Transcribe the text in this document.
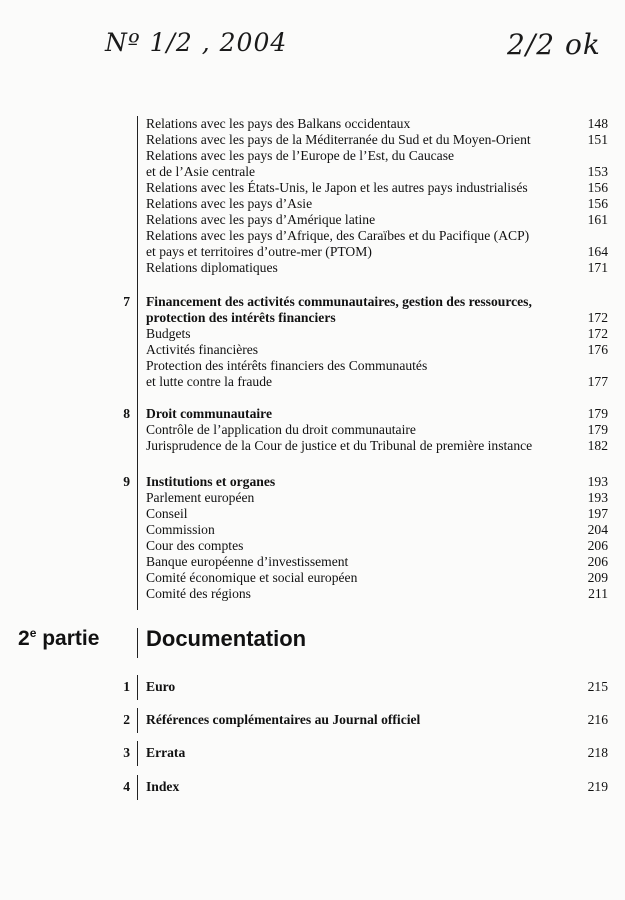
Nº 1/2 , 2004	2/2 ok
Relations avec les pays des Balkans occidentaux	148
Relations avec les pays de la Méditerranée du Sud et du Moyen-Orient	151
Relations avec les pays de l’Europe de l’Est, du Caucase
et de l’Asie centrale	153
Relations avec les États-Unis, le Japon et les autres pays industrialisés	156
Relations avec les pays d’Asie	156
Relations avec les pays d’Amérique latine	161
Relations avec les pays d’Afrique, des Caraïbes et du Pacifique (ACP)
et pays et territoires d’outre-mer (PTOM)	164
Relations diplomatiques	171
7 Financement des activités communautaires, gestion des ressources,
protection des intérêts financiers	172
Budgets	172
Activités financières	176
Protection des intérêts financiers des Communautés
et lutte contre la fraude	177
8 Droit communautaire	179
Contrôle de l’application du droit communautaire	179
Jurisprudence de la Cour de justice et du Tribunal de première instance	182
9 Institutions et organes	193
Parlement européen	193
Conseil	197
Commission	204
Cour des comptes	206
Banque européenne d’investissement	206
Comité économique et social européen	209
Comité des régions	211
1 Euro	215
2 Références complémentaires au Journal officiel	216
3 Errata	218
4 Index	219
2e partie Documentation
